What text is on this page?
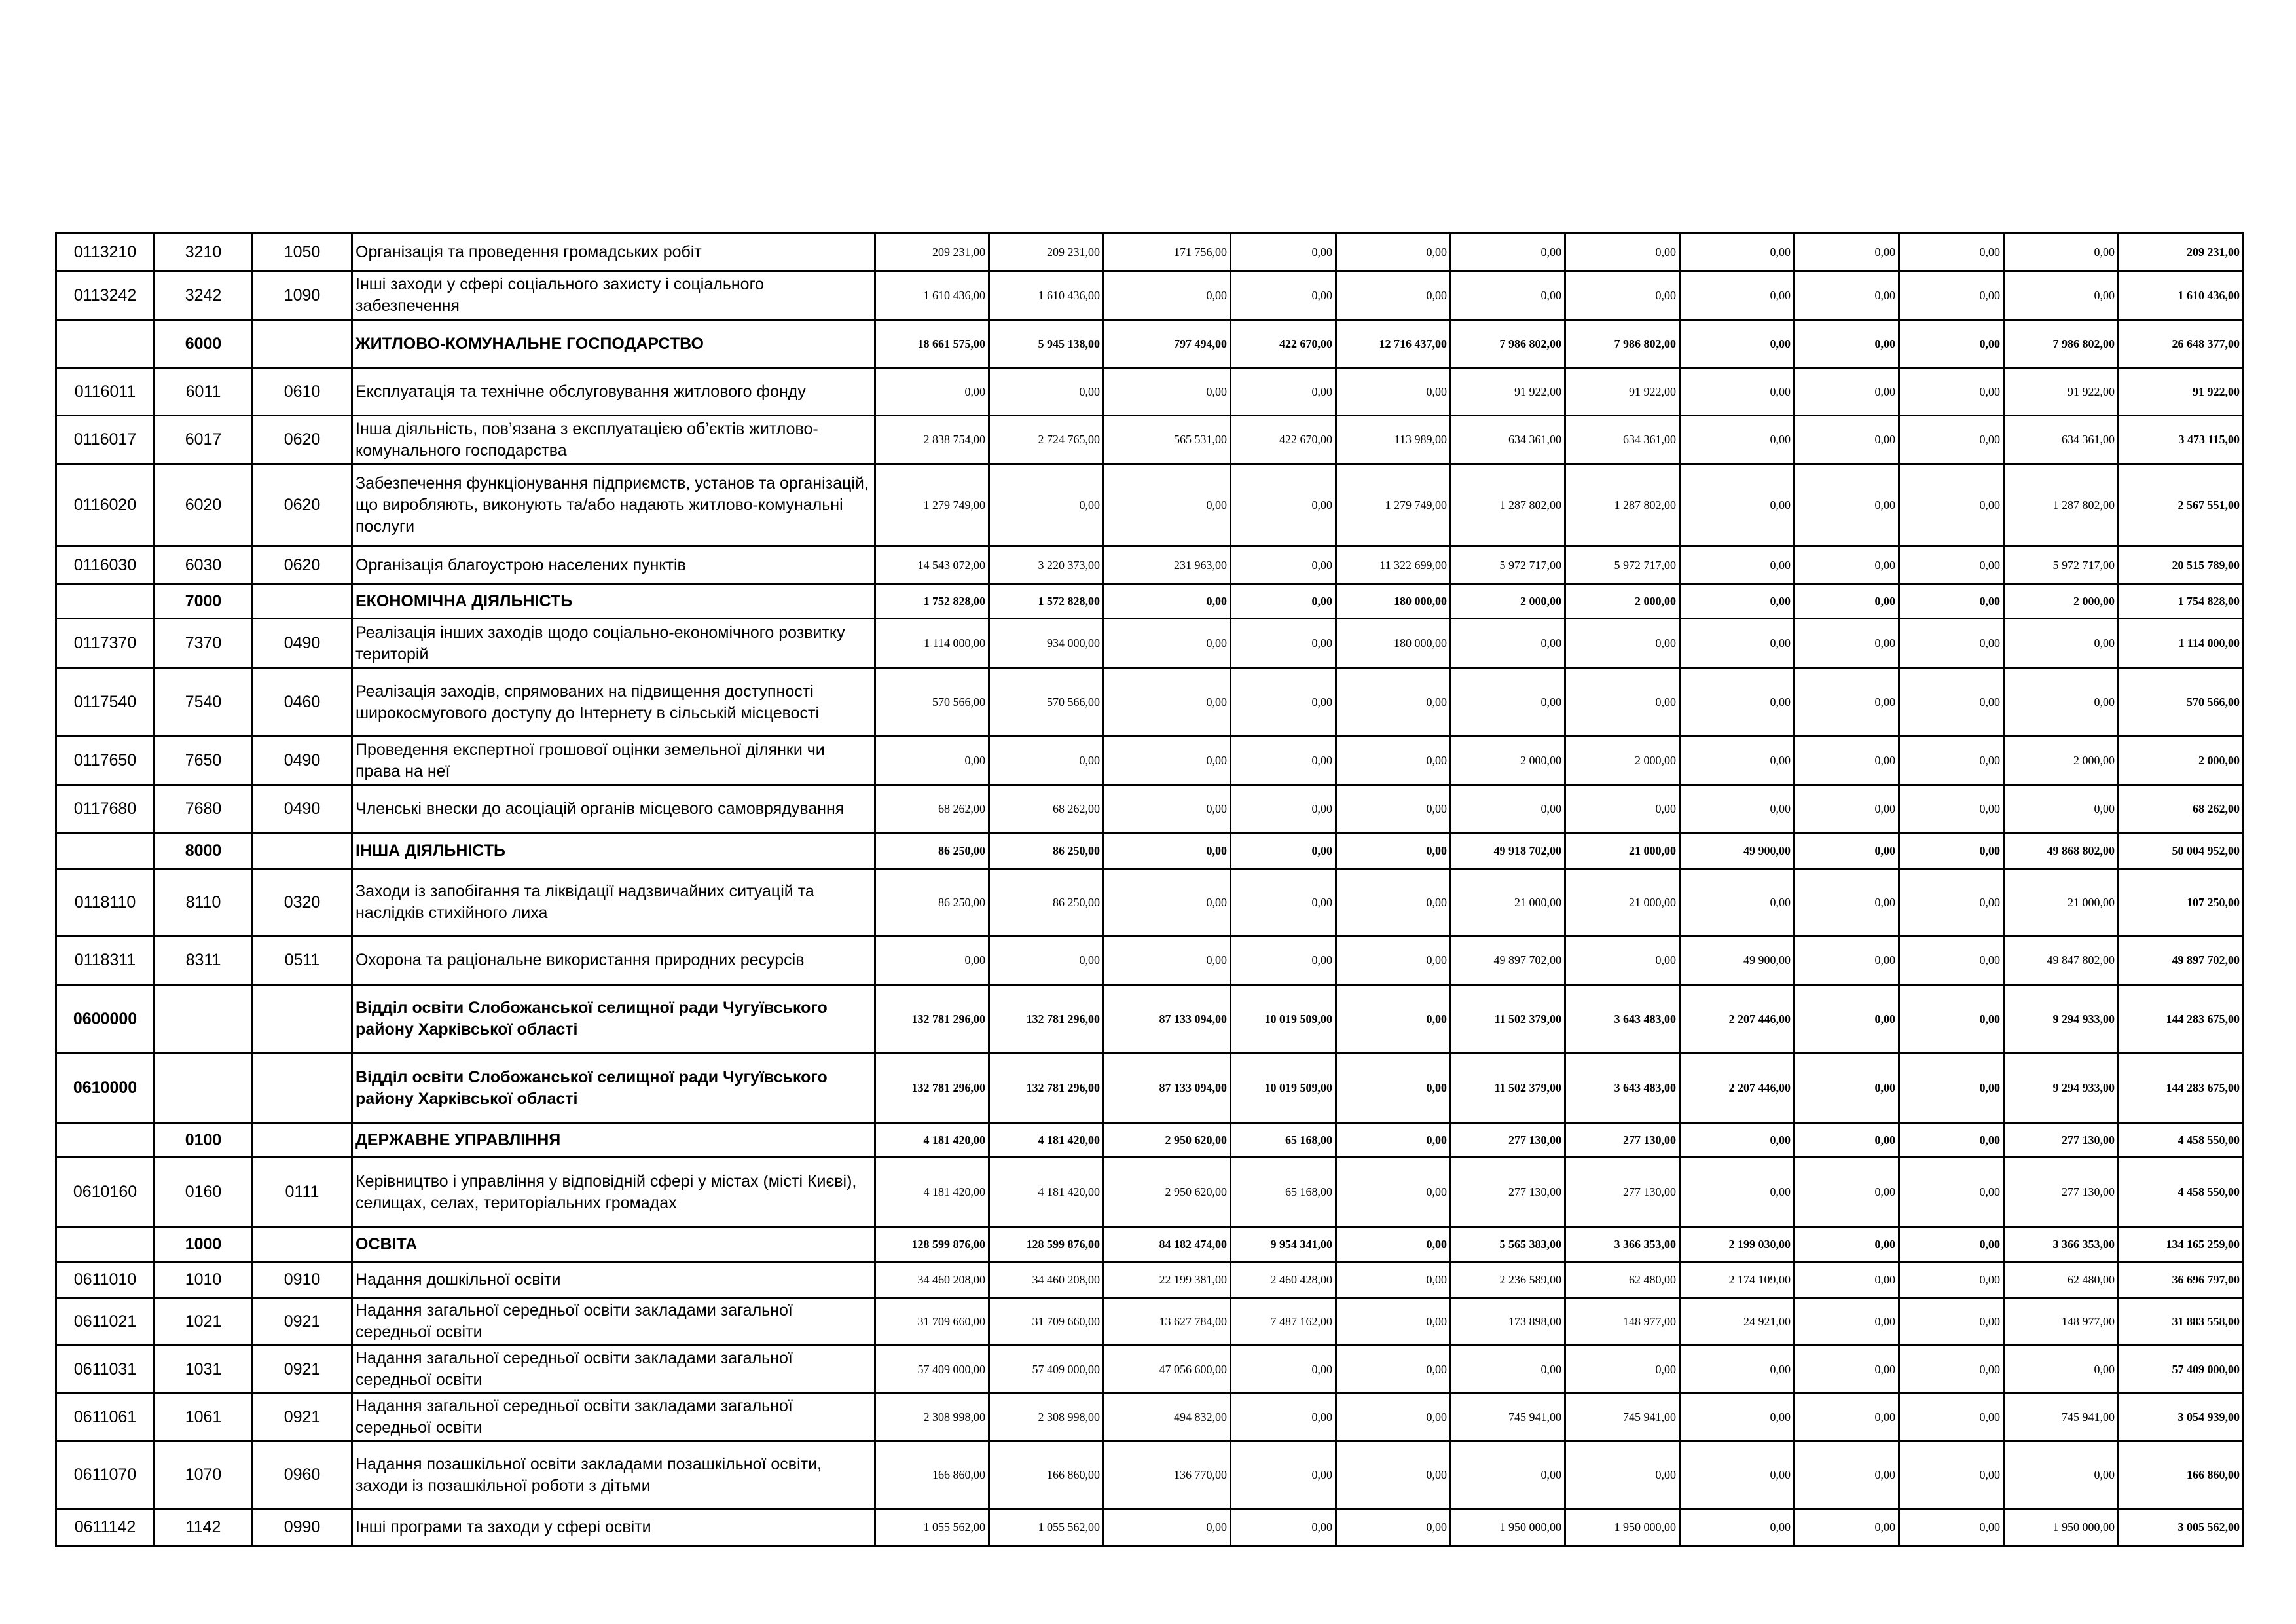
0113210	3210	1050	Організація та проведення громадських робіт	209 231,00	209 231,00	171 756,00	0,00	0,00	0,00	0,00	0,00	0,00	0,00	0,00	209 231,00
0113242	3242	1090	Інші заходи у сфері соціального захисту і соціального забезпечення	1 610 436,00	1 610 436,00	0,00	0,00	0,00	0,00	0,00	0,00	0,00	0,00	0,00	1 610 436,00
	6000		ЖИТЛОВО-КОМУНАЛЬНЕ ГОСПОДАРСТВО	18 661 575,00	5 945 138,00	797 494,00	422 670,00	12 716 437,00	7 986 802,00	7 986 802,00	0,00	0,00	0,00	7 986 802,00	26 648 377,00
0116011	6011	0610	Експлуатація та технічне обслуговування житлового фонду	0,00	0,00	0,00	0,00	0,00	91 922,00	91 922,00	0,00	0,00	0,00	91 922,00	91 922,00
0116017	6017	0620	Інша діяльність, пов’язана з експлуатацією об’єктів житлово-комунального господарства	2 838 754,00	2 724 765,00	565 531,00	422 670,00	113 989,00	634 361,00	634 361,00	0,00	0,00	0,00	634 361,00	3 473 115,00
0116020	6020	0620	Забезпечення функціонування підприємств, установ та організацій, що виробляють, виконують та/або надають житлово-комунальні послуги	1 279 749,00	0,00	0,00	0,00	1 279 749,00	1 287 802,00	1 287 802,00	0,00	0,00	0,00	1 287 802,00	2 567 551,00
0116030	6030	0620	Організація благоустрою населених пунктів	14 543 072,00	3 220 373,00	231 963,00	0,00	11 322 699,00	5 972 717,00	5 972 717,00	0,00	0,00	0,00	5 972 717,00	20 515 789,00
	7000		ЕКОНОМІЧНА ДІЯЛЬНІСТЬ	1 752 828,00	1 572 828,00	0,00	0,00	180 000,00	2 000,00	2 000,00	0,00	0,00	0,00	2 000,00	1 754 828,00
0117370	7370	0490	Реалізація інших заходів щодо соціально-економічного розвитку територій	1 114 000,00	934 000,00	0,00	0,00	180 000,00	0,00	0,00	0,00	0,00	0,00	0,00	1 114 000,00
0117540	7540	0460	Реалізація заходів, спрямованих на підвищення доступності широкосмугового доступу до Інтернету в сільській місцевості	570 566,00	570 566,00	0,00	0,00	0,00	0,00	0,00	0,00	0,00	0,00	0,00	570 566,00
0117650	7650	0490	Проведення експертної грошової оцінки земельної ділянки чи права на неї	0,00	0,00	0,00	0,00	0,00	2 000,00	2 000,00	0,00	0,00	0,00	2 000,00	2 000,00
0117680	7680	0490	Членські внески до асоціацій органів місцевого самоврядування	68 262,00	68 262,00	0,00	0,00	0,00	0,00	0,00	0,00	0,00	0,00	0,00	68 262,00
	8000		ІНША ДІЯЛЬНІСТЬ	86 250,00	86 250,00	0,00	0,00	0,00	49 918 702,00	21 000,00	49 900,00	0,00	0,00	49 868 802,00	50 004 952,00
0118110	8110	0320	Заходи із запобігання та ліквідації надзвичайних ситуацій та наслідків стихійного лиха	86 250,00	86 250,00	0,00	0,00	0,00	21 000,00	21 000,00	0,00	0,00	0,00	21 000,00	107 250,00
0118311	8311	0511	Охорона та раціональне використання природних ресурсів	0,00	0,00	0,00	0,00	0,00	49 897 702,00	0,00	49 900,00	0,00	0,00	49 847 802,00	49 897 702,00
0600000			Відділ освіти Слобожанської селищної ради Чугуївського району Харківської області	132 781 296,00	132 781 296,00	87 133 094,00	10 019 509,00	0,00	11 502 379,00	3 643 483,00	2 207 446,00	0,00	0,00	9 294 933,00	144 283 675,00
0610000			Відділ освіти Слобожанської селищної ради Чугуївського району Харківської області	132 781 296,00	132 781 296,00	87 133 094,00	10 019 509,00	0,00	11 502 379,00	3 643 483,00	2 207 446,00	0,00	0,00	9 294 933,00	144 283 675,00
	0100		ДЕРЖАВНЕ УПРАВЛІННЯ	4 181 420,00	4 181 420,00	2 950 620,00	65 168,00	0,00	277 130,00	277 130,00	0,00	0,00	0,00	277 130,00	4 458 550,00
0610160	0160	0111	Керівництво і управління у відповідній сфері у містах (місті Києві), селищах, селах, територіальних громадах	4 181 420,00	4 181 420,00	2 950 620,00	65 168,00	0,00	277 130,00	277 130,00	0,00	0,00	0,00	277 130,00	4 458 550,00
	1000		ОСВІТА	128 599 876,00	128 599 876,00	84 182 474,00	9 954 341,00	0,00	5 565 383,00	3 366 353,00	2 199 030,00	0,00	0,00	3 366 353,00	134 165 259,00
0611010	1010	0910	Надання дошкільної освіти	34 460 208,00	34 460 208,00	22 199 381,00	2 460 428,00	0,00	2 236 589,00	62 480,00	2 174 109,00	0,00	0,00	62 480,00	36 696 797,00
0611021	1021	0921	Надання загальної середньої освіти закладами загальної середньої освіти	31 709 660,00	31 709 660,00	13 627 784,00	7 487 162,00	0,00	173 898,00	148 977,00	24 921,00	0,00	0,00	148 977,00	31 883 558,00
0611031	1031	0921	Надання загальної середньої освіти закладами загальної середньої освіти	57 409 000,00	57 409 000,00	47 056 600,00	0,00	0,00	0,00	0,00	0,00	0,00	0,00	0,00	57 409 000,00
0611061	1061	0921	Надання загальної середньої освіти закладами загальної середньої освіти	2 308 998,00	2 308 998,00	494 832,00	0,00	0,00	745 941,00	745 941,00	0,00	0,00	0,00	745 941,00	3 054 939,00
0611070	1070	0960	Надання позашкільної освіти закладами позашкільної освіти, заходи із позашкільної роботи з дітьми	166 860,00	166 860,00	136 770,00	0,00	0,00	0,00	0,00	0,00	0,00	0,00	0,00	166 860,00
0611142	1142	0990	Інші програми та заходи у сфері освіти	1 055 562,00	1 055 562,00	0,00	0,00	0,00	1 950 000,00	1 950 000,00	0,00	0,00	0,00	1 950 000,00	3 005 562,00
